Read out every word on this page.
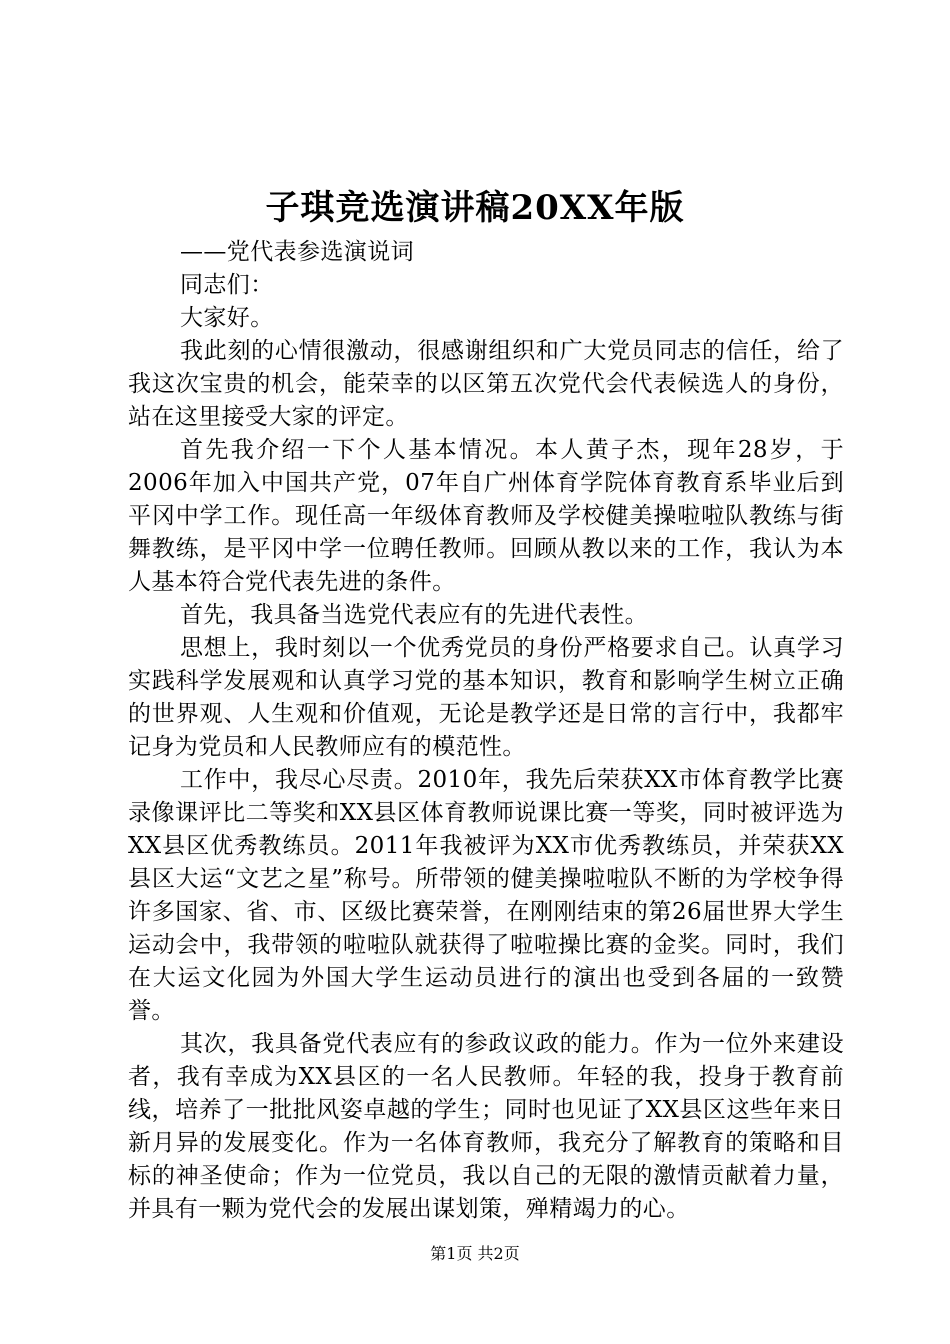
子琪竞选演讲稿20XX年版

——党代表参选演说词

同志们：

大家好。

我此刻的心情很激动，很感谢组织和广大党员同志的信任，给了我这次宝贵的机会，能荣幸的以区第五次党代会代表候选人的身份，站在这里接受大家的评定。

首先我介绍一下个人基本情况。本人黄子杰，现年28岁，于2006年加入中国共产党，07年自广州体育学院体育教育系毕业后到平冈中学工作。现任高一年级体育教师及学校健美操啦啦队教练与街舞教练，是平冈中学一位聘任教师。回顾从教以来的工作，我认为本人基本符合党代表先进的条件。

首先，我具备当选党代表应有的先进代表性。

思想上，我时刻以一个优秀党员的身份严格要求自己。认真学习实践科学发展观和认真学习党的基本知识，教育和影响学生树立正确的世界观、人生观和价值观，无论是教学还是日常的言行中，我都牢记身为党员和人民教师应有的模范性。

工作中，我尽心尽责。2010年，我先后荣获XX市体育教学比赛录像课评比二等奖和XX县区体育教师说课比赛一等奖，同时被评选为XX县区优秀教练员。2011年我被评为XX市优秀教练员，并荣获XX县区大运“文艺之星”称号。所带领的健美操啦啦队不断的为学校争得许多国家、省、市、区级比赛荣誉，在刚刚结束的第26届世界大学生运动会中，我带领的啦啦队就获得了啦啦操比赛的金奖。同时，我们在大运文化园为外国大学生运动员进行的演出也受到各届的一致赞誉。

其次，我具备党代表应有的参政议政的能力。作为一位外来建设者，我有幸成为XX县区的一名人民教师。年轻的我，投身于教育前线，培养了一批批风姿卓越的学生；同时也见证了XX县区这些年来日新月异的发展变化。作为一名体育教师，我充分了解教育的策略和目标的神圣使命；作为一位党员，我以自己的无限的激情贡献着力量，并具有一颗为党代会的发展出谋划策，殚精竭力的心。

第1页 共2页
